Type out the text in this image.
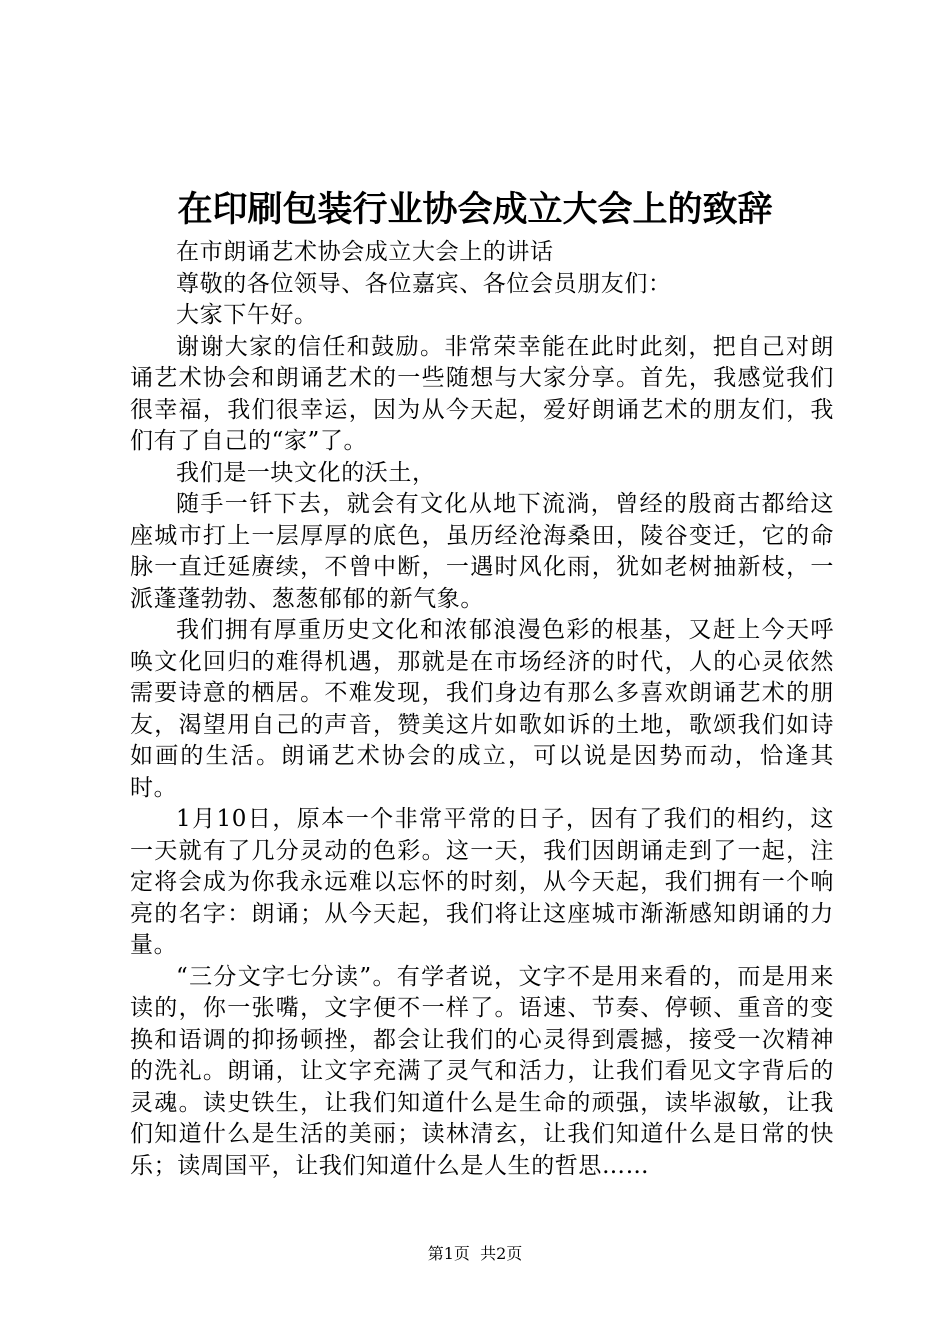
在印刷包装行业协会成立大会上的致辞

在市朗诵艺术协会成立大会上的讲话

尊敬的各位领导、各位嘉宾、各位会员朋友们：

大家下午好。

谢谢大家的信任和鼓励。非常荣幸能在此时此刻，把自己对朗诵艺术协会和朗诵艺术的一些随想与大家分享。首先，我感觉我们很幸福，我们很幸运，因为从今天起，爱好朗诵艺术的朋友们，我们有了自己的“家”了。

我们是一块文化的沃土，

随手一钎下去，就会有文化从地下流淌，曾经的殷商古都给这座城市打上一层厚厚的底色，虽历经沧海桑田，陵谷变迁，它的命脉一直迁延赓续，不曾中断，一遇时风化雨，犹如老树抽新枝，一派蓬蓬勃勃、葱葱郁郁的新气象。

我们拥有厚重历史文化和浓郁浪漫色彩的根基，又赶上今天呼唤文化回归的难得机遇，那就是在市场经济的时代，人的心灵依然需要诗意的栖居。不难发现，我们身边有那么多喜欢朗诵艺术的朋友，渴望用自己的声音，赞美这片如歌如诉的土地，歌颂我们如诗如画的生活。朗诵艺术协会的成立，可以说是因势而动，恰逢其时。

1月10日，原本一个非常平常的日子，因有了我们的相约，这一天就有了几分灵动的色彩。这一天，我们因朗诵走到了一起，注定将会成为你我永远难以忘怀的时刻，从今天起，我们拥有一个响亮的名字：朗诵；从今天起，我们将让这座城市渐渐感知朗诵的力量。

“三分文字七分读”。有学者说，文字不是用来看的，而是用来读的，你一张嘴，文字便不一样了。语速、节奏、停顿、重音的变换和语调的抑扬顿挫，都会让我们的心灵得到震撼，接受一次精神的洗礼。朗诵，让文字充满了灵气和活力，让我们看见文字背后的灵魂。读史铁生，让我们知道什么是生命的顽强，读毕淑敏，让我们知道什么是生活的美丽；读林清玄，让我们知道什么是日常的快乐；读周国平，让我们知道什么是人生的哲思……

第1页 共2页
